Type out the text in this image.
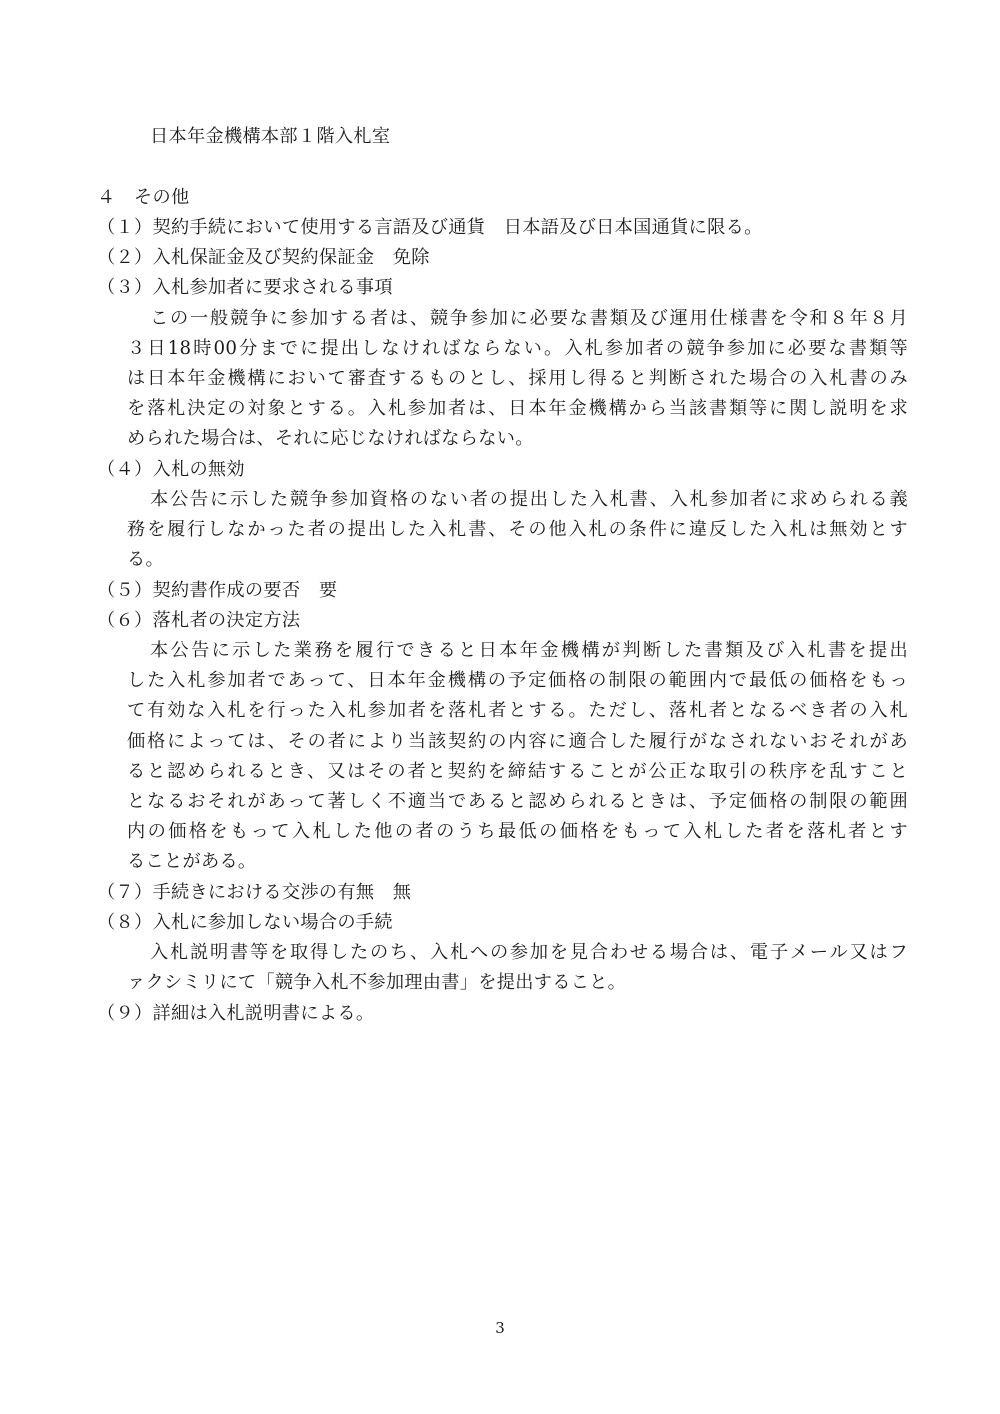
日本年金機構本部１階入札室
４　その他
（１）契約手続において使用する言語及び通貨　日本語及び日本国通貨に限る。
（２）入札保証金及び契約保証金　免除
（３）入札参加者に要求される事項
この一般競争に参加する者は、競争参加に必要な書類及び運用仕様書を令和８年８月
３日18時00分までに提出しなければならない。入札参加者の競争参加に必要な書類等
は日本年金機構において審査するものとし、採用し得ると判断された場合の入札書のみ
を落札決定の対象とする。入札参加者は、日本年金機構から当該書類等に関し説明を求
められた場合は、それに応じなければならない。
（４）入札の無効
本公告に示した競争参加資格のない者の提出した入札書、入札参加者に求められる義
務を履行しなかった者の提出した入札書、その他入札の条件に違反した入札は無効とす
る。
（５）契約書作成の要否　要
（６）落札者の決定方法
本公告に示した業務を履行できると日本年金機構が判断した書類及び入札書を提出
した入札参加者であって、日本年金機構の予定価格の制限の範囲内で最低の価格をもっ
て有効な入札を行った入札参加者を落札者とする。ただし、落札者となるべき者の入札
価格によっては、その者により当該契約の内容に適合した履行がなされないおそれがあ
ると認められるとき、又はその者と契約を締結することが公正な取引の秩序を乱すこと
となるおそれがあって著しく不適当であると認められるときは、予定価格の制限の範囲
内の価格をもって入札した他の者のうち最低の価格をもって入札した者を落札者とす
ることがある。
（７）手続きにおける交渉の有無　無
（８）入札に参加しない場合の手続
入札説明書等を取得したのち、入札への参加を見合わせる場合は、電子メール又はフ
ァクシミリにて「競争入札不参加理由書」を提出すること。
（９）詳細は入札説明書による。
3
